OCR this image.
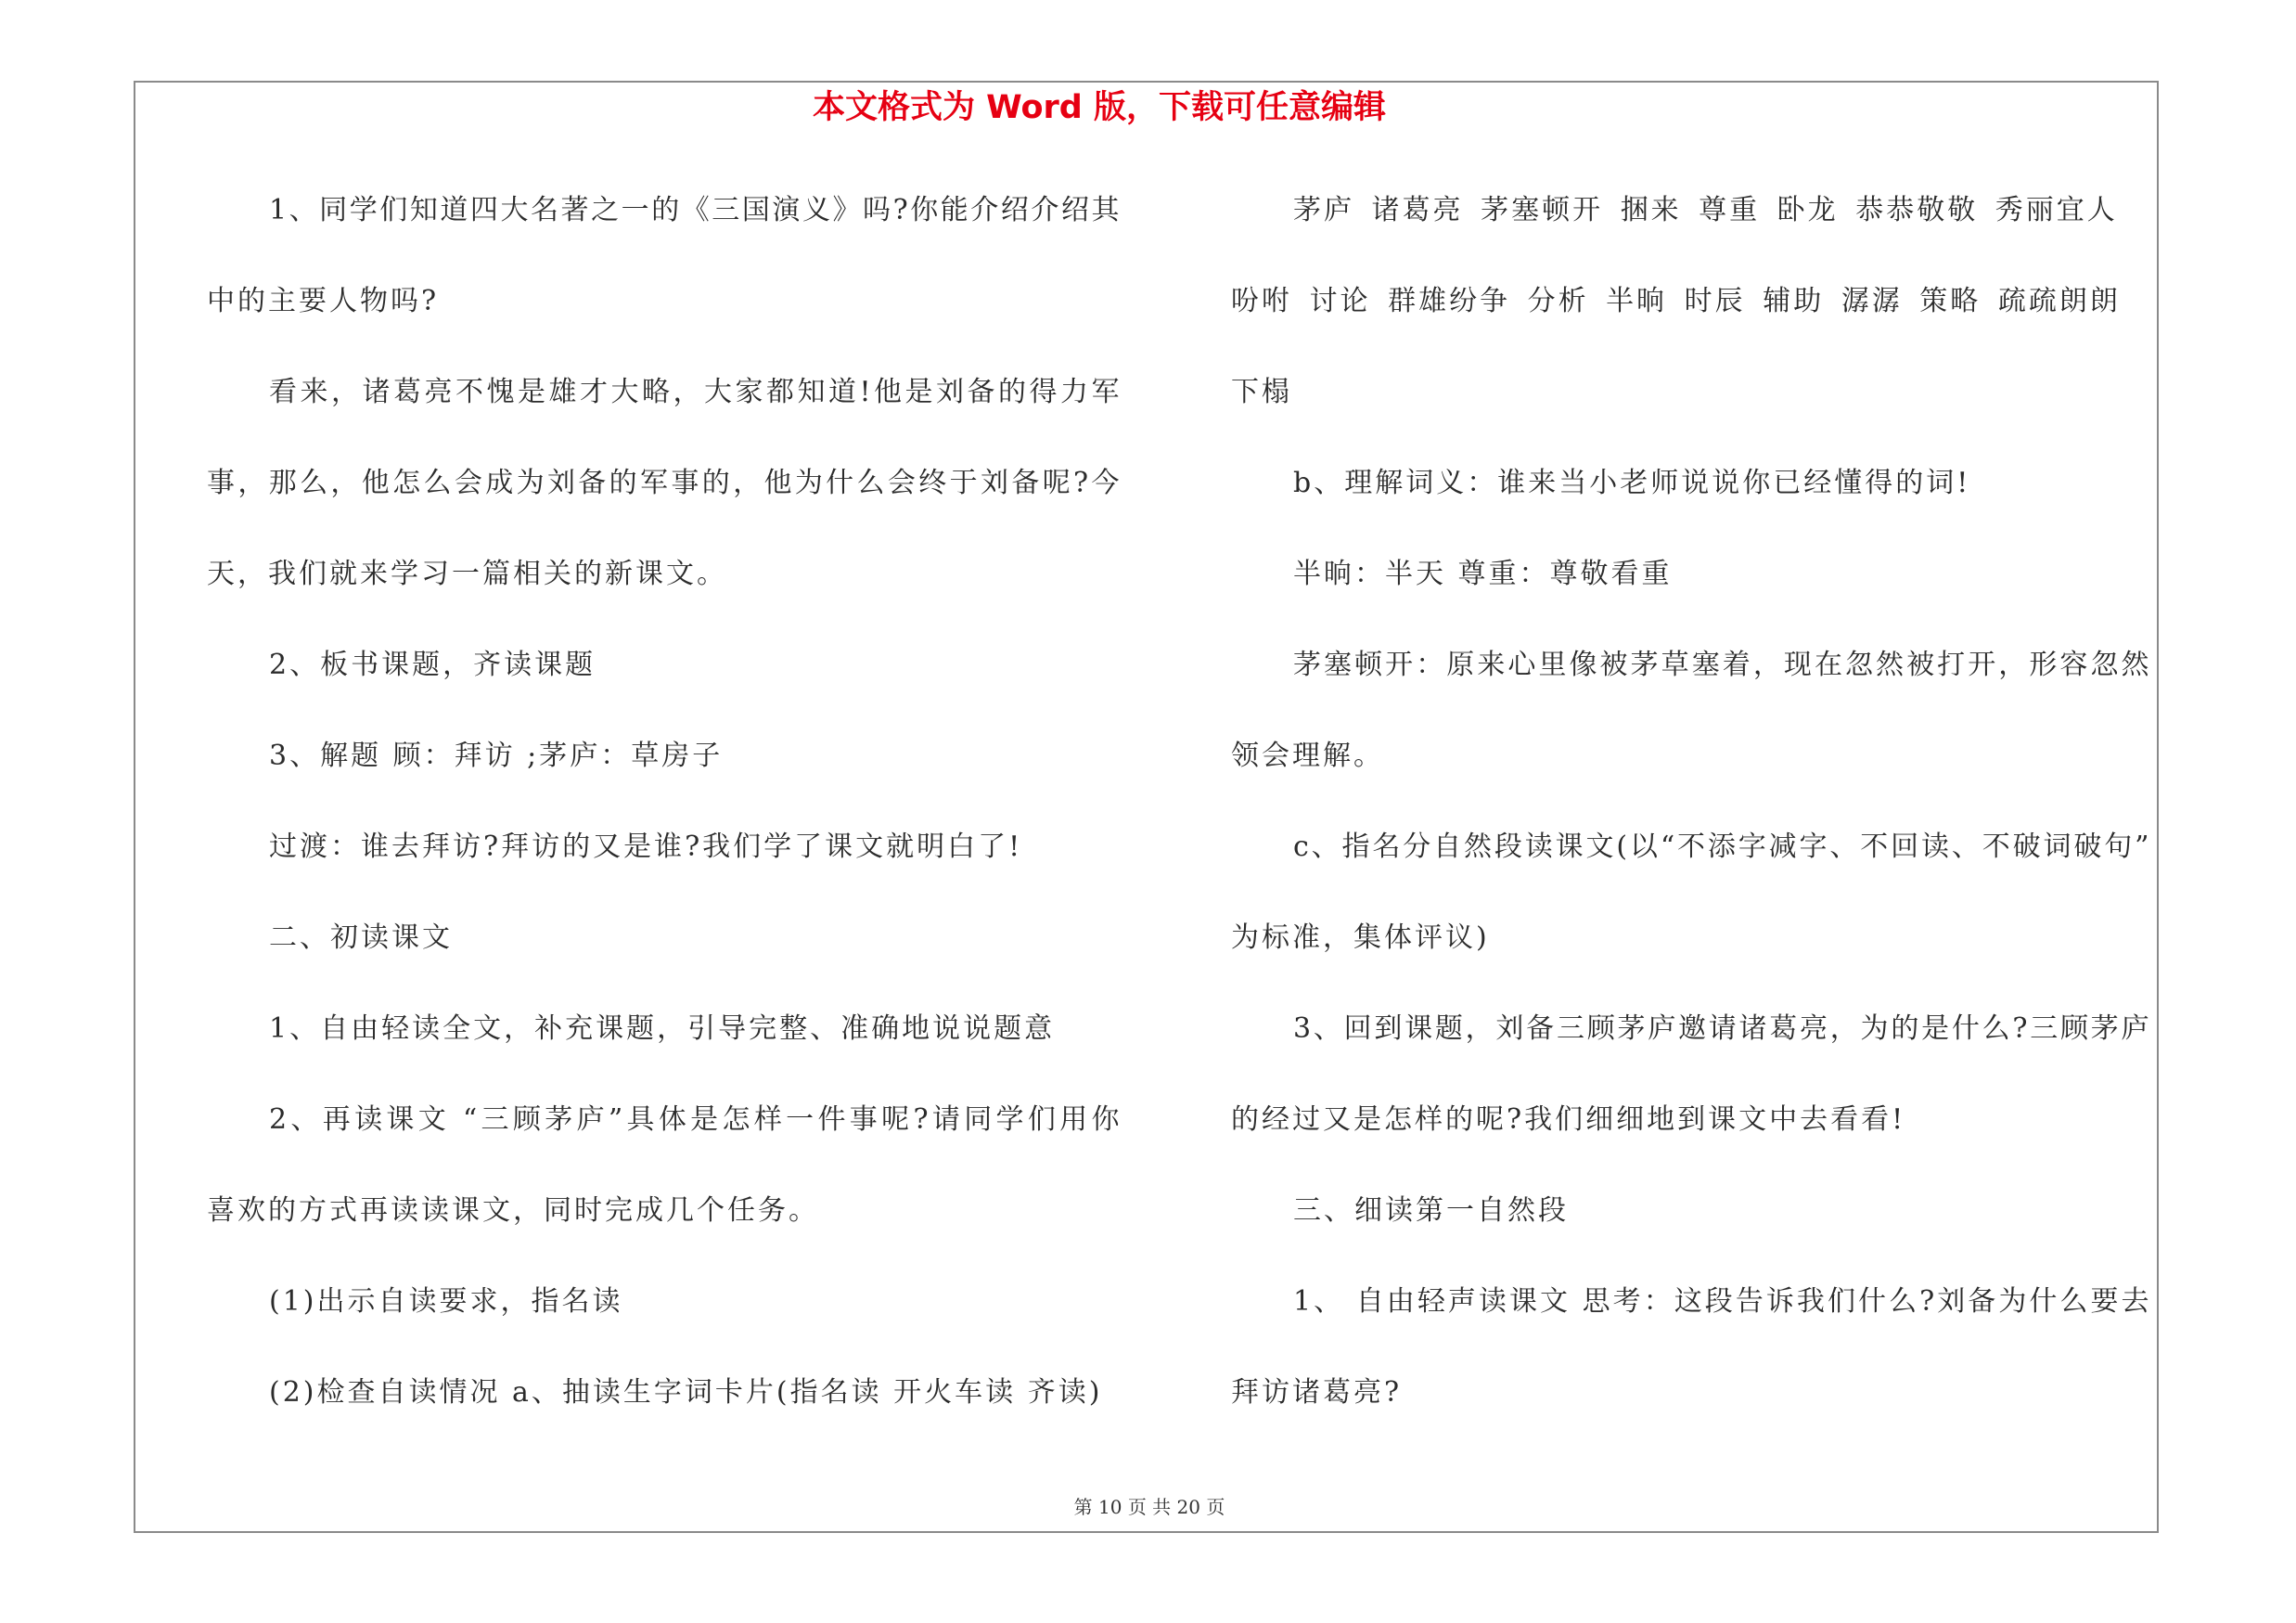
本文格式为 Word 版，下载可任意编辑
1、同学们知道四大名著之一的《三国演义》吗?你能介绍介绍其
中的主要人物吗?
看来，诸葛亮不愧是雄才大略，大家都知道!他是刘备的得力军
事，那么，他怎么会成为刘备的军事的，他为什么会终于刘备呢?今
天，我们就来学习一篇相关的新课文。
2、板书课题，齐读课题
3、解题 顾：拜访 ;茅庐：草房子
过渡：谁去拜访?拜访的又是谁?我们学了课文就明白了!
二、初读课文
1、自由轻读全文，补充课题，引导完整、准确地说说题意
2、再读课文 “三顾茅庐”具体是怎样一件事呢?请同学们用你
喜欢的方式再读读课文，同时完成几个任务。
(1)出示自读要求，指名读
(2)检查自读情况 a、抽读生字词卡片(指名读 开火车读 齐读)
茅庐 诸葛亮 茅塞顿开 捆来 尊重 卧龙 恭恭敬敬 秀丽宜人
吩咐 讨论 群雄纷争 分析 半晌 时辰 辅助 潺潺 策略 疏疏朗朗
下榻
b、理解词义：谁来当小老师说说你已经懂得的词!
半晌：半天 尊重：尊敬看重
茅塞顿开：原来心里像被茅草塞着，现在忽然被打开，形容忽然
领会理解。
c、指名分自然段读课文(以“不添字减字、不回读、不破词破句”
为标准，集体评议)
3、回到课题，刘备三顾茅庐邀请诸葛亮，为的是什么?三顾茅庐
的经过又是怎样的呢?我们细细地到课文中去看看!
三、细读第一自然段
1、 自由轻声读课文 思考：这段告诉我们什么?刘备为什么要去
拜访诸葛亮?
第 10 页 共 20 页
